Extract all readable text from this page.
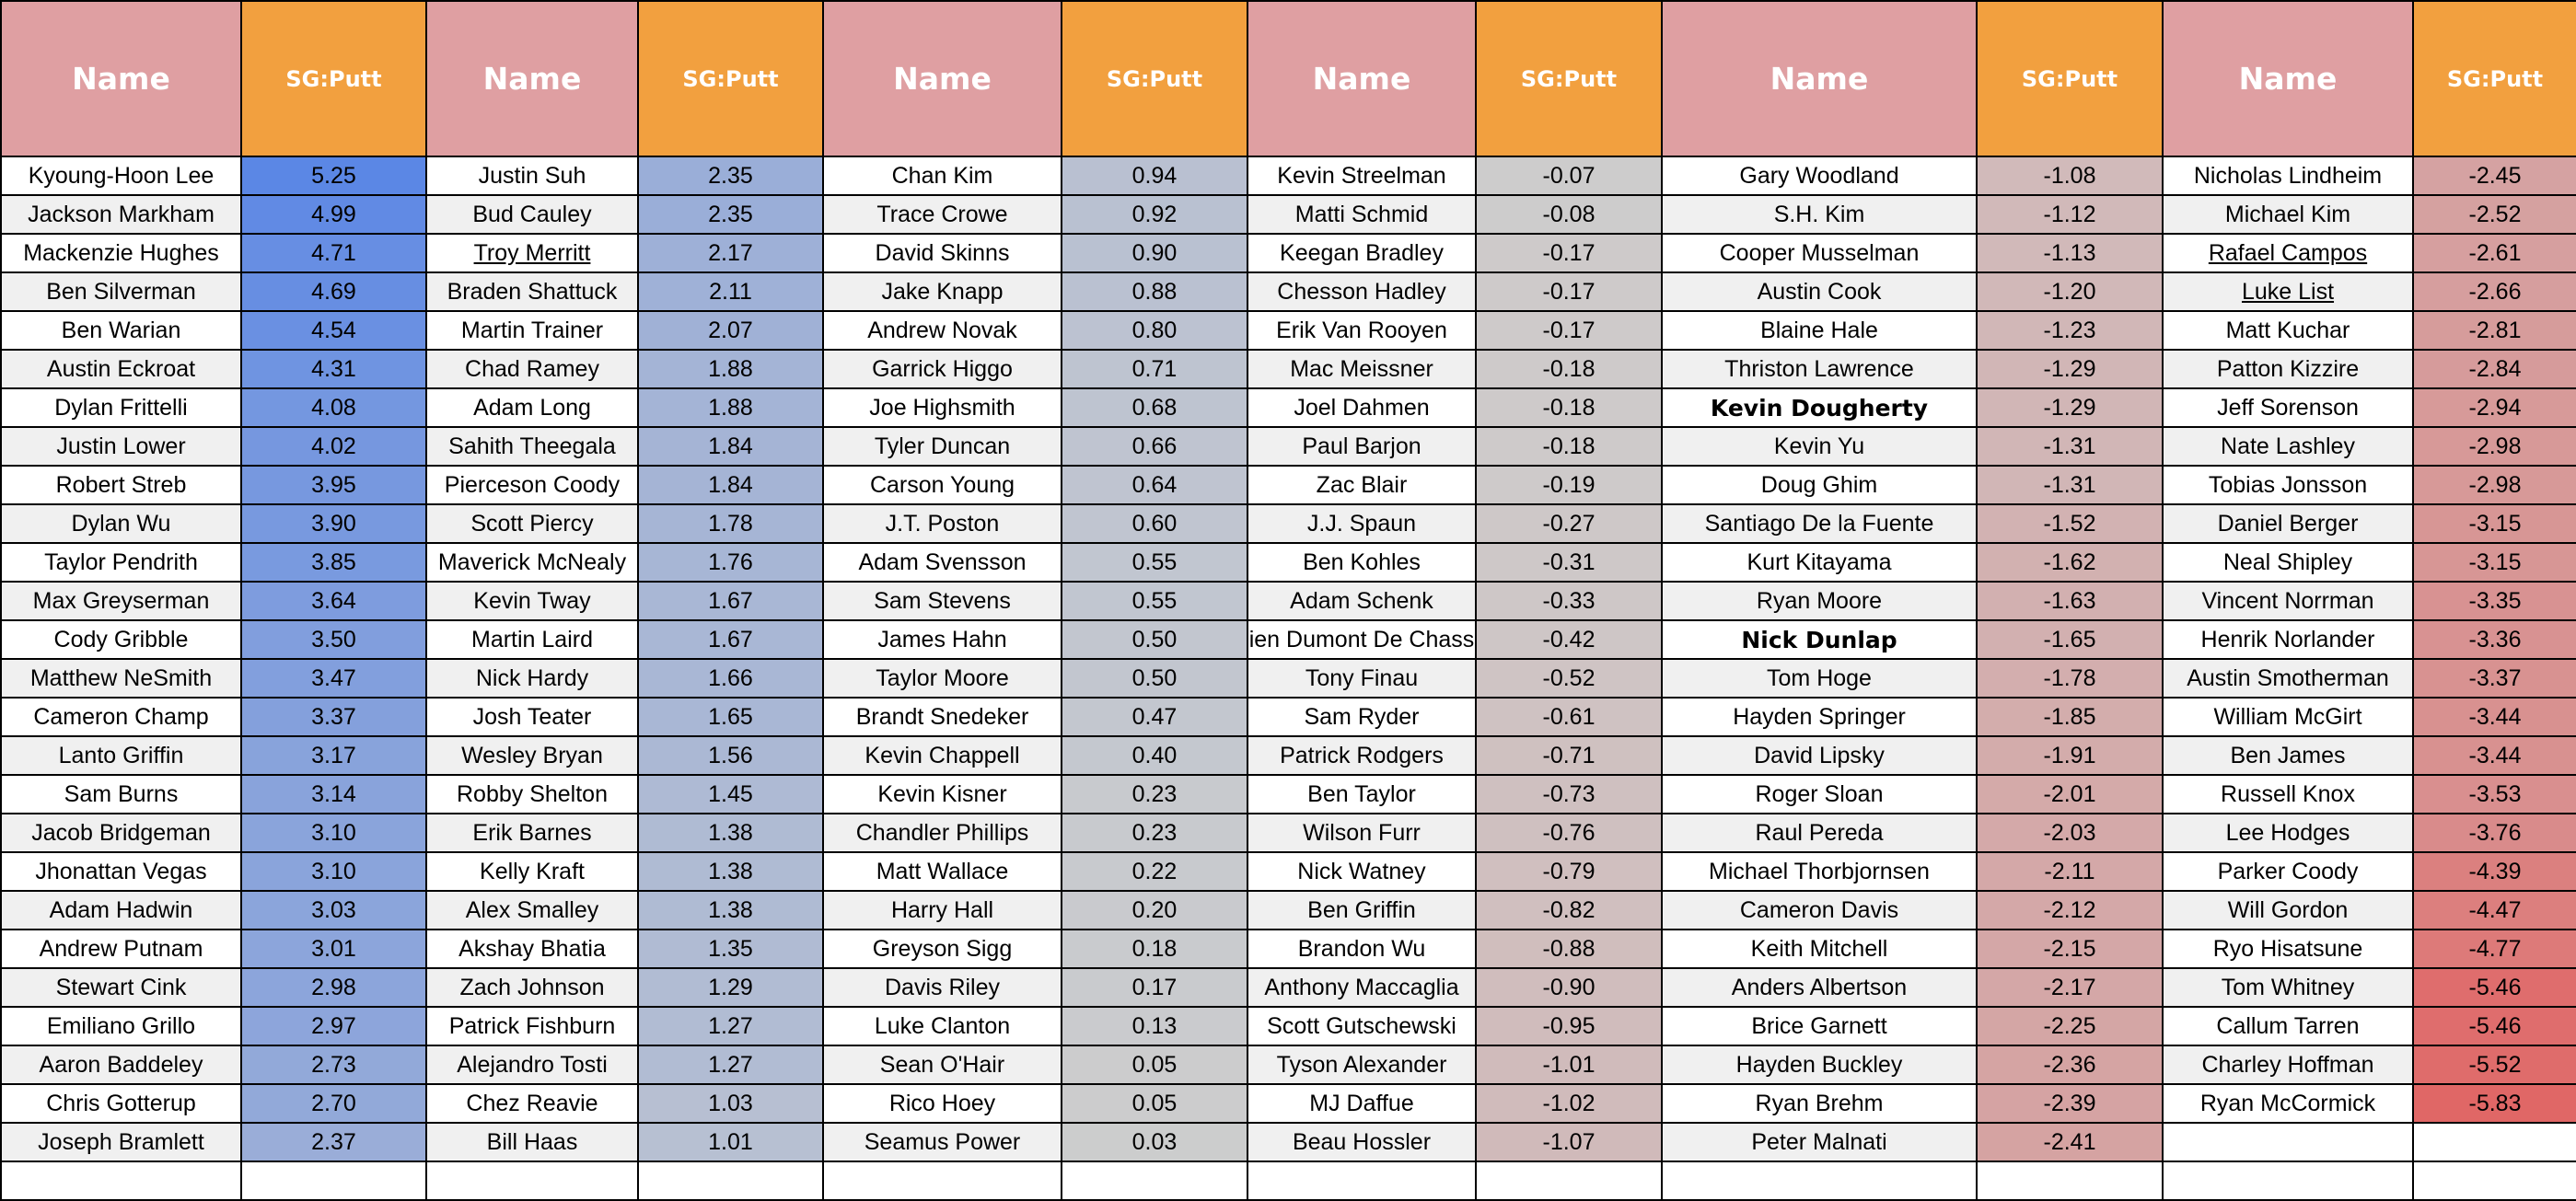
Name	SG:Putt	Name	SG:Putt	Name	SG:Putt	Name	SG:Putt	Name	SG:Putt	Name	SG:Putt
Kyoung-Hoon Lee	5.25	Justin Suh	2.35	Chan Kim	0.94	Kevin Streelman	-0.07	Gary Woodland	-1.08	Nicholas Lindheim	-2.45
Jackson Markham	4.99	Bud Cauley	2.35	Trace Crowe	0.92	Matti Schmid	-0.08	S.H. Kim	-1.12	Michael Kim	-2.52
Mackenzie Hughes	4.71	Troy Merritt	2.17	David Skinns	0.90	Keegan Bradley	-0.17	Cooper Musselman	-1.13	Rafael Campos	-2.61
Ben Silverman	4.69	Braden Shattuck	2.11	Jake Knapp	0.88	Chesson Hadley	-0.17	Austin Cook	-1.20	Luke List	-2.66
Ben Warian	4.54	Martin Trainer	2.07	Andrew Novak	0.80	Erik Van Rooyen	-0.17	Blaine Hale	-1.23	Matt Kuchar	-2.81
Austin Eckroat	4.31	Chad Ramey	1.88	Garrick Higgo	0.71	Mac Meissner	-0.18	Thriston Lawrence	-1.29	Patton Kizzire	-2.84
Dylan Frittelli	4.08	Adam Long	1.88	Joe Highsmith	0.68	Joel Dahmen	-0.18	Kevin Dougherty	-1.29	Jeff Sorenson	-2.94
Justin Lower	4.02	Sahith Theegala	1.84	Tyler Duncan	0.66	Paul Barjon	-0.18	Kevin Yu	-1.31	Nate Lashley	-2.98
Robert Streb	3.95	Pierceson Coody	1.84	Carson Young	0.64	Zac Blair	-0.19	Doug Ghim	-1.31	Tobias Jonsson	-2.98
Dylan Wu	3.90	Scott Piercy	1.78	J.T. Poston	0.60	J.J. Spaun	-0.27	Santiago De la Fuente	-1.52	Daniel Berger	-3.15
Taylor Pendrith	3.85	Maverick McNealy	1.76	Adam Svensson	0.55	Ben Kohles	-0.31	Kurt Kitayama	-1.62	Neal Shipley	-3.15
Max Greyserman	3.64	Kevin Tway	1.67	Sam Stevens	0.55	Adam Schenk	-0.33	Ryan Moore	-1.63	Vincent Norrman	-3.35
Cody Gribble	3.50	Martin Laird	1.67	James Hahn	0.50	ien Dumont De Chass	-0.42	Nick Dunlap	-1.65	Henrik Norlander	-3.36
Matthew NeSmith	3.47	Nick Hardy	1.66	Taylor Moore	0.50	Tony Finau	-0.52	Tom Hoge	-1.78	Austin Smotherman	-3.37
Cameron Champ	3.37	Josh Teater	1.65	Brandt Snedeker	0.47	Sam Ryder	-0.61	Hayden Springer	-1.85	William McGirt	-3.44
Lanto Griffin	3.17	Wesley Bryan	1.56	Kevin Chappell	0.40	Patrick Rodgers	-0.71	David Lipsky	-1.91	Ben James	-3.44
Sam Burns	3.14	Robby Shelton	1.45	Kevin Kisner	0.23	Ben Taylor	-0.73	Roger Sloan	-2.01	Russell Knox	-3.53
Jacob Bridgeman	3.10	Erik Barnes	1.38	Chandler Phillips	0.23	Wilson Furr	-0.76	Raul Pereda	-2.03	Lee Hodges	-3.76
Jhonattan Vegas	3.10	Kelly Kraft	1.38	Matt Wallace	0.22	Nick Watney	-0.79	Michael Thorbjornsen	-2.11	Parker Coody	-4.39
Adam Hadwin	3.03	Alex Smalley	1.38	Harry Hall	0.20	Ben Griffin	-0.82	Cameron Davis	-2.12	Will Gordon	-4.47
Andrew Putnam	3.01	Akshay Bhatia	1.35	Greyson Sigg	0.18	Brandon Wu	-0.88	Keith Mitchell	-2.15	Ryo Hisatsune	-4.77
Stewart Cink	2.98	Zach Johnson	1.29	Davis Riley	0.17	Anthony Maccaglia	-0.90	Anders Albertson	-2.17	Tom Whitney	-5.46
Emiliano Grillo	2.97	Patrick Fishburn	1.27	Luke Clanton	0.13	Scott Gutschewski	-0.95	Brice Garnett	-2.25	Callum Tarren	-5.46
Aaron Baddeley	2.73	Alejandro Tosti	1.27	Sean O'Hair	0.05	Tyson Alexander	-1.01	Hayden Buckley	-2.36	Charley Hoffman	-5.52
Chris Gotterup	2.70	Chez Reavie	1.03	Rico Hoey	0.05	MJ Daffue	-1.02	Ryan Brehm	-2.39	Ryan McCormick	-5.83
Joseph Bramlett	2.37	Bill Haas	1.01	Seamus Power	0.03	Beau Hossler	-1.07	Peter Malnati	-2.41		
